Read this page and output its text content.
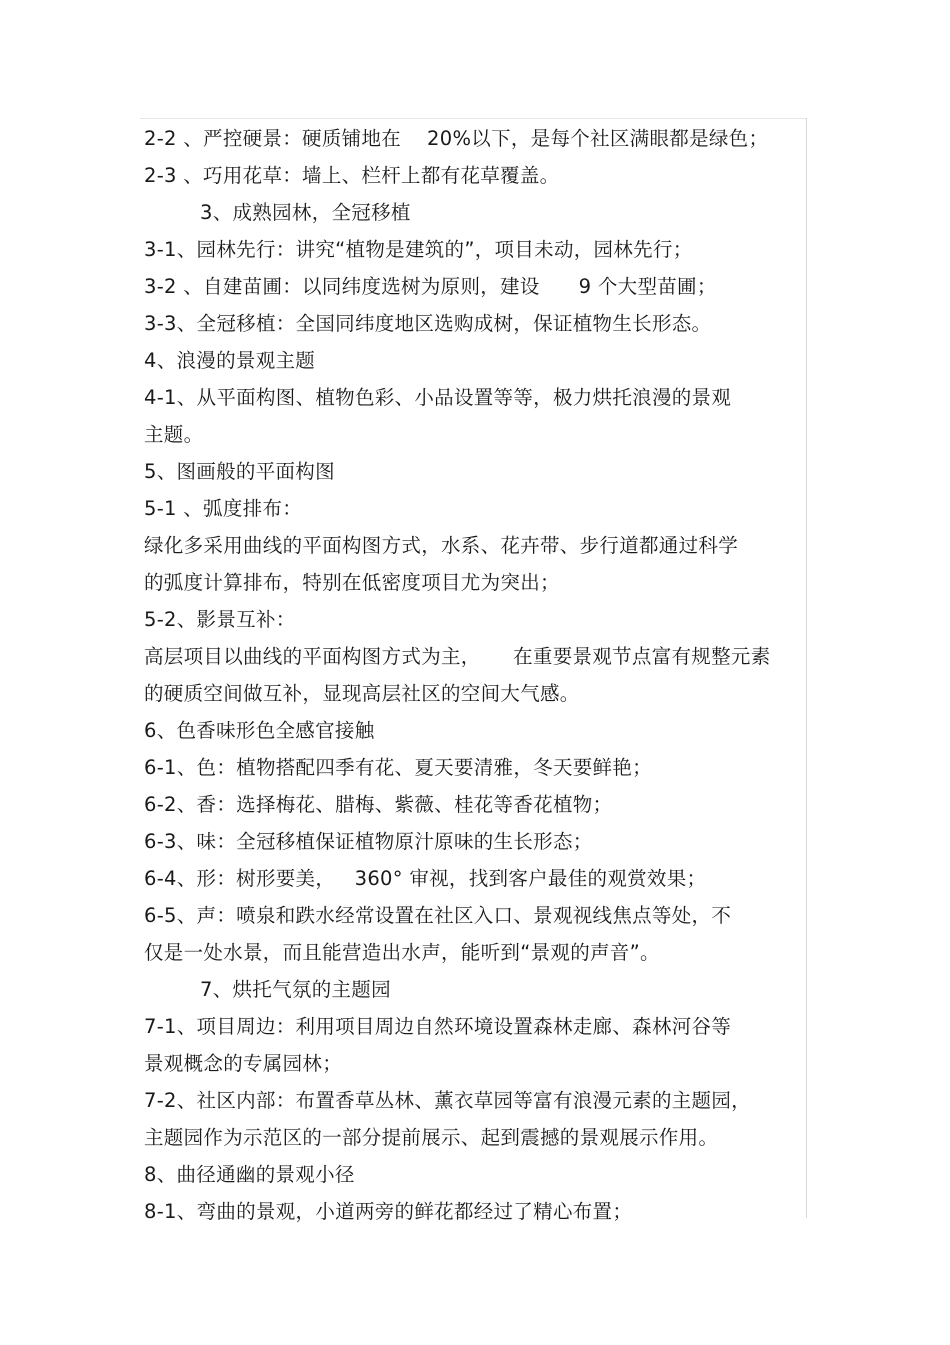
2-2 、严控硬景：硬质铺地在    20%以下，是每个社区满眼都是绿色；
2-3 、巧用花草：墙上、栏杆上都有花草覆盖。
3、成熟园林，全冠移植
3-1、园林先行：讲究“植物是建筑的”，项目未动，园林先行；
3-2 、自建苗圃：以同纬度选树为原则，建设      9 个大型苗圃；
3-3、全冠移植：全国同纬度地区选购成树，保证植物生长形态。
4、浪漫的景观主题
4-1、从平面构图、植物色彩、小品设置等等，极力烘托浪漫的景观
主题。
5、图画般的平面构图
5-1 、弧度排布：
绿化多采用曲线的平面构图方式，水系、花卉带、步行道都通过科学
的弧度计算排布，特别在低密度项目尤为突出；
5-2、影景互补：
高层项目以曲线的平面构图方式为主，     在重要景观节点富有规整元素
的硬质空间做互补，显现高层社区的空间大气感。
6、色香味形色全感官接触
6-1、色：植物搭配四季有花、夏天要清雅，冬天要鲜艳；
6-2、香：选择梅花、腊梅、紫薇、桂花等香花植物；
6-3、味：全冠移植保证植物原汁原味的生长形态；
6-4、形：树形要美，   360° 审视，找到客户最佳的观赏效果；
6-5、声：喷泉和跌水经常设置在社区入口、景观视线焦点等处，不
仅是一处水景，而且能营造出水声，能听到“景观的声音”。
7、烘托气氛的主题园
7-1、项目周边：利用项目周边自然环境设置森林走廊、森林河谷等
景观概念的专属园林；
7-2、社区内部：布置香草丛林、薰衣草园等富有浪漫元素的主题园，
主题园作为示范区的一部分提前展示、起到震撼的景观展示作用。
8、曲径通幽的景观小径
8-1、弯曲的景观，小道两旁的鲜花都经过了精心布置；
